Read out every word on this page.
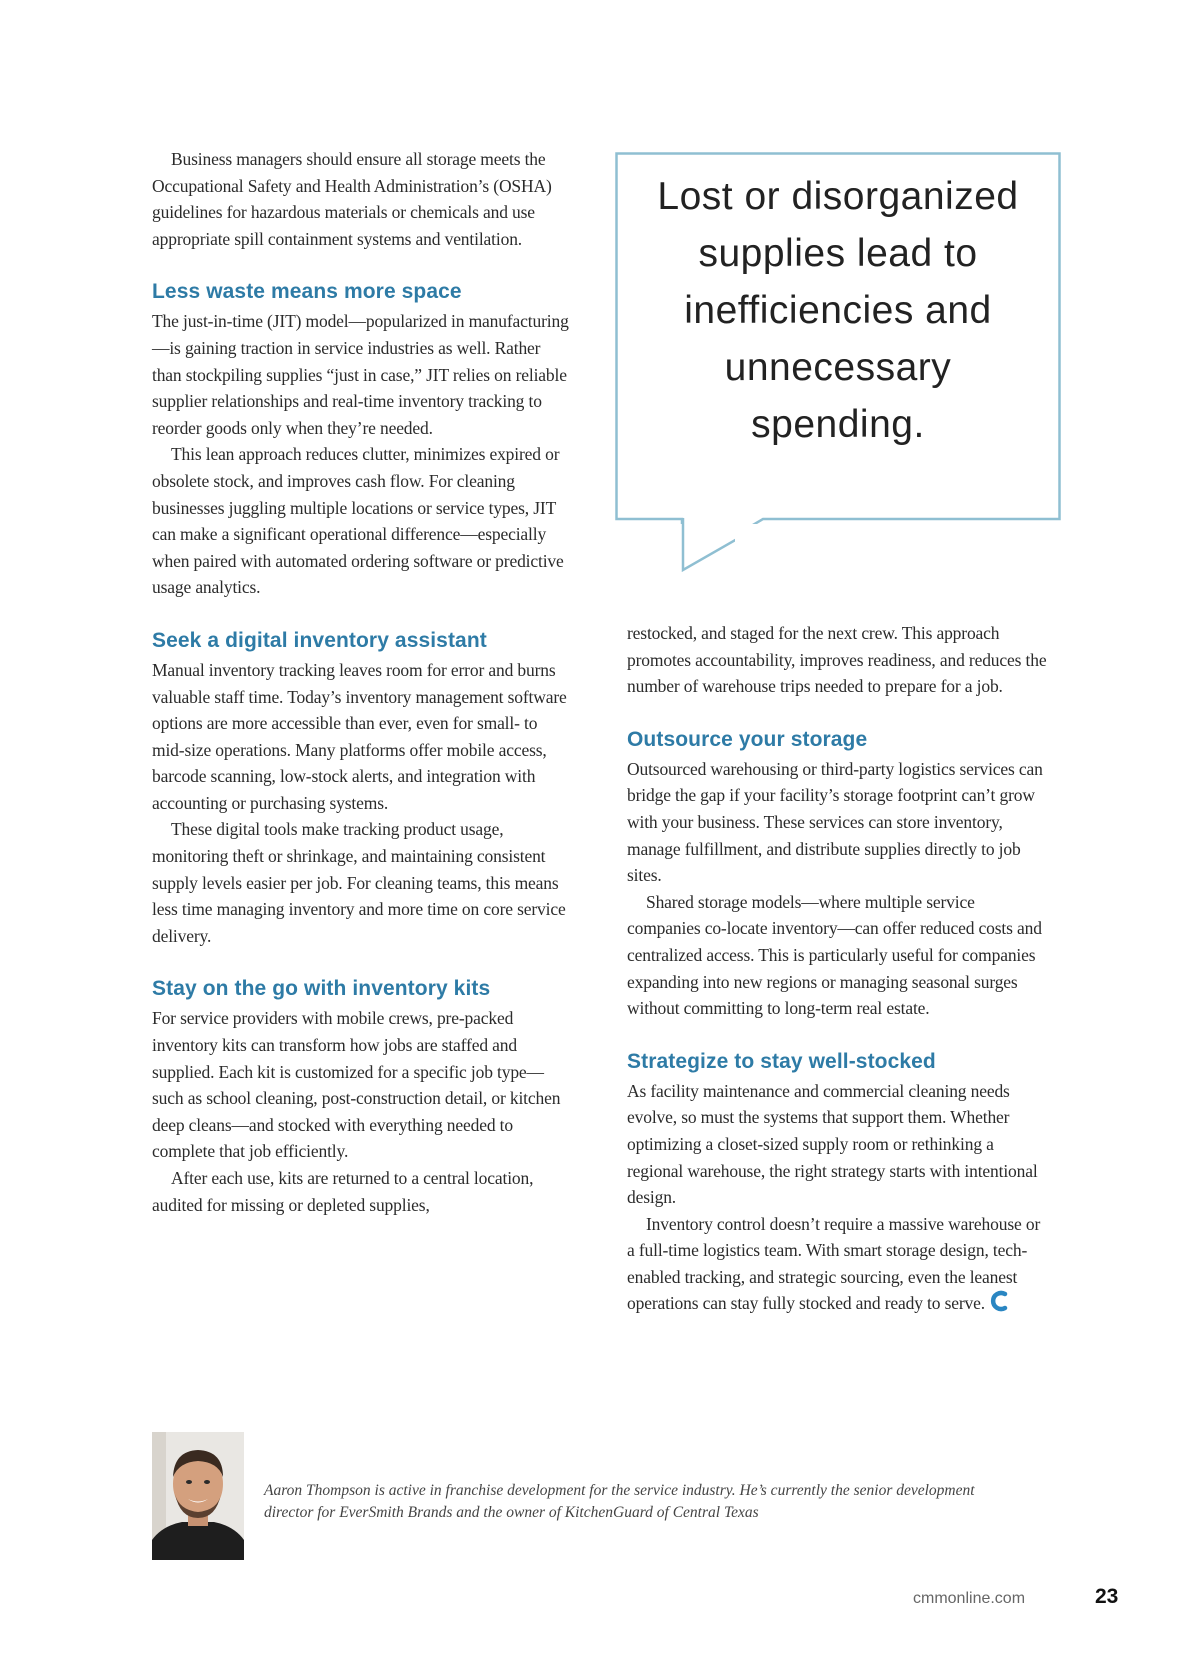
Business managers should ensure all storage meets the Occupational Safety and Health Administration’s (OSHA) guidelines for hazardous materials or chemicals and use appropriate spill containment systems and ventilation.

Less waste means more space

The just-in-time (JIT) model—popularized in manufacturing—is gaining traction in service industries as well. Rather than stockpiling supplies “just in case,” JIT relies on reliable supplier relationships and real-time inventory tracking to reorder goods only when they’re needed.

This lean approach reduces clutter, minimizes expired or obsolete stock, and improves cash flow. For cleaning businesses juggling multiple locations or service types, JIT can make a significant operational difference—especially when paired with automated ordering software or predictive usage analytics.

Seek a digital inventory assistant

Manual inventory tracking leaves room for error and burns valuable staff time. Today’s inventory management software options are more accessible than ever, even for small- to mid-size operations. Many platforms offer mobile access, barcode scanning, low-stock alerts, and integration with accounting or purchasing systems.

These digital tools make tracking product usage, monitoring theft or shrinkage, and maintaining consistent supply levels easier per job. For cleaning teams, this means less time managing inventory and more time on core service delivery.

Stay on the go with inventory kits

For service providers with mobile crews, pre-packed inventory kits can transform how jobs are staffed and supplied. Each kit is customized for a specific job type—such as school cleaning, post-construction detail, or kitchen deep cleans—and stocked with everything needed to complete that job efficiently.

After each use, kits are returned to a central location, audited for missing or depleted supplies,

Lost or disorganized supplies lead to inefficiencies and unnecessary spending.

restocked, and staged for the next crew. This approach promotes accountability, improves readiness, and reduces the number of warehouse trips needed to prepare for a job.

Outsource your storage

Outsourced warehousing or third-party logistics services can bridge the gap if your facility’s storage footprint can’t grow with your business. These services can store inventory, manage fulfillment, and distribute supplies directly to job sites.

Shared storage models—where multiple service companies co-locate inventory—can offer reduced costs and centralized access. This is particularly useful for companies expanding into new regions or managing seasonal surges without committing to long-term real estate.

Strategize to stay well-stocked

As facility maintenance and commercial cleaning needs evolve, so must the systems that support them. Whether optimizing a closet-sized supply room or rethinking a regional warehouse, the right strategy starts with intentional design.

Inventory control doesn’t require a massive warehouse or a full-time logistics team. With smart storage design, tech-enabled tracking, and strategic sourcing, even the leanest operations can stay fully stocked and ready to serve.

Aaron Thompson is active in franchise development for the service industry. He’s currently the senior development director for EverSmith Brands and the owner of KitchenGuard of Central Texas
cmmonline.com	23
